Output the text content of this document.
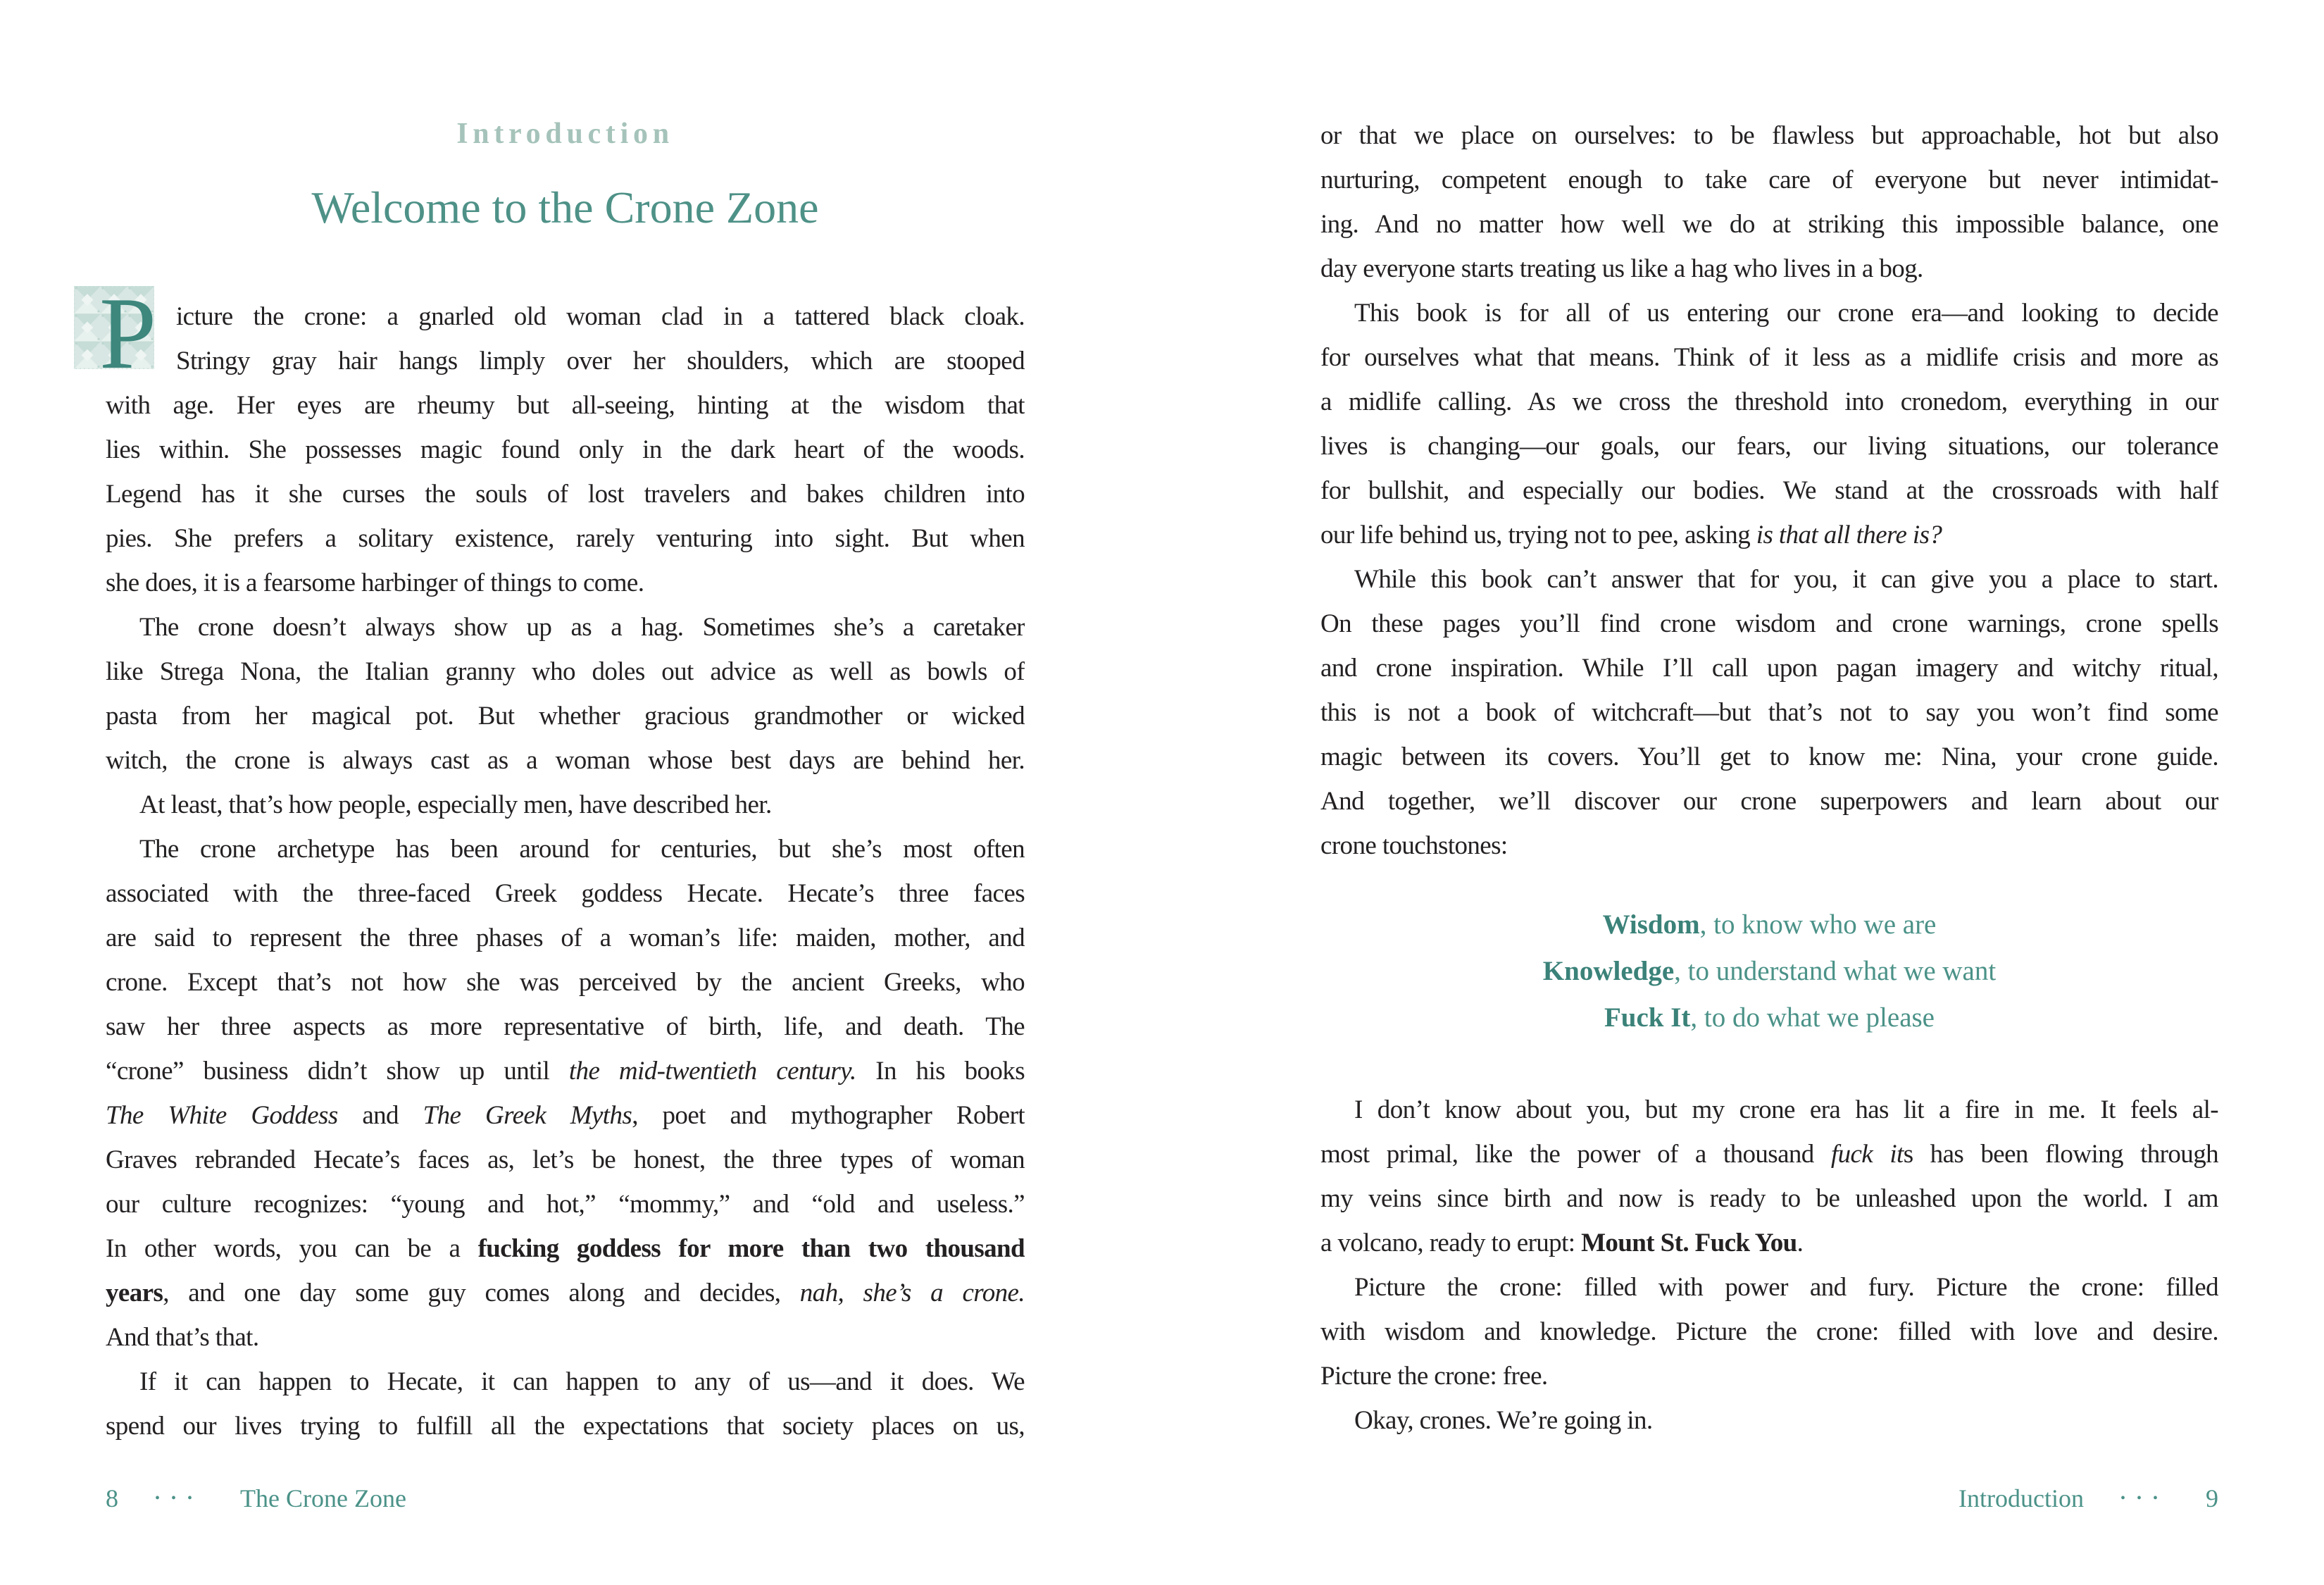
Introduction
Welcome to the Crone Zone
P icture the crone: a gnarled old woman clad in a tattered black cloak.
Stringy gray hair hangs limply over her shoulders, which are stooped
with age. Her eyes are rheumy but all-seeing, hinting at the wisdom that
lies within. She possesses magic found only in the dark heart of the woods.
Legend has it she curses the souls of lost travelers and bakes children into
pies. She prefers a solitary existence, rarely venturing into sight. But when
she does, it is a fearsome harbinger of things to come.
The crone doesn’t always show up as a hag. Sometimes she’s a caretaker
like Strega Nona, the Italian granny who doles out advice as well as bowls of
pasta from her magical pot. But whether gracious grandmother or wicked
witch, the crone is always cast as a woman whose best days are behind her.
At least, that’s how people, especially men, have described her.
The crone archetype has been around for centuries, but she’s most often
associated with the three-faced Greek goddess Hecate. Hecate’s three faces
are said to represent the three phases of a woman’s life: maiden, mother, and
crone. Except that’s not how she was perceived by the ancient Greeks, who
saw her three aspects as more representative of birth, life, and death. The
“crone” business didn’t show up until the mid-twentieth century. In his books
The White Goddess and The Greek Myths, poet and mythographer Robert
Graves rebranded Hecate’s faces as, let’s be honest, the three types of woman
our culture recognizes: “young and hot,” “mommy,” and “old and useless.”
In other words, you can be a fucking goddess for more than two thousand
years, and one day some guy comes along and decides, nah, she’s a crone.
And that’s that.
If it can happen to Hecate, it can happen to any of us—and it does. We
spend our lives trying to fulfill all the expectations that society places on us,
8	••• The Crone Zone
or that we place on ourselves: to be flawless but approachable, hot but also
nurturing, competent enough to take care of everyone but never intimidat-
ing. And no matter how well we do at striking this impossible balance, one
day everyone starts treating us like a hag who lives in a bog.
This book is for all of us entering our crone era—and looking to decide
for ourselves what that means. Think of it less as a midlife crisis and more as
a midlife calling. As we cross the threshold into cronedom, everything in our
lives is changing—our goals, our fears, our living situations, our tolerance
for bullshit, and especially our bodies. We stand at the crossroads with half
our life behind us, trying not to pee, asking is that all there is?
While this book can’t answer that for you, it can give you a place to start.
On these pages you’ll find crone wisdom and crone warnings, crone spells
and crone inspiration. While I’ll call upon pagan imagery and witchy ritual,
this is not a book of witchcraft—but that’s not to say you won’t find some
magic between its covers. You’ll get to know me: Nina, your crone guide.
And together, we’ll discover our crone superpowers and learn about our
crone touchstones:
Wisdom, to know who we are
Knowledge, to understand what we want
Fuck It, to do what we please
I don’t know about you, but my crone era has lit a fire in me. It feels al-
most primal, like the power of a thousand fuck its has been flowing through
my veins since birth and now is ready to be unleashed upon the world. I am
a volcano, ready to erupt: Mount St. Fuck You.
Picture the crone: filled with power and fury. Picture the crone: filled
with wisdom and knowledge. Picture the crone: filled with love and desire.
Picture the crone: free.
Okay, crones. We’re going in.
Introduction	••• 9
